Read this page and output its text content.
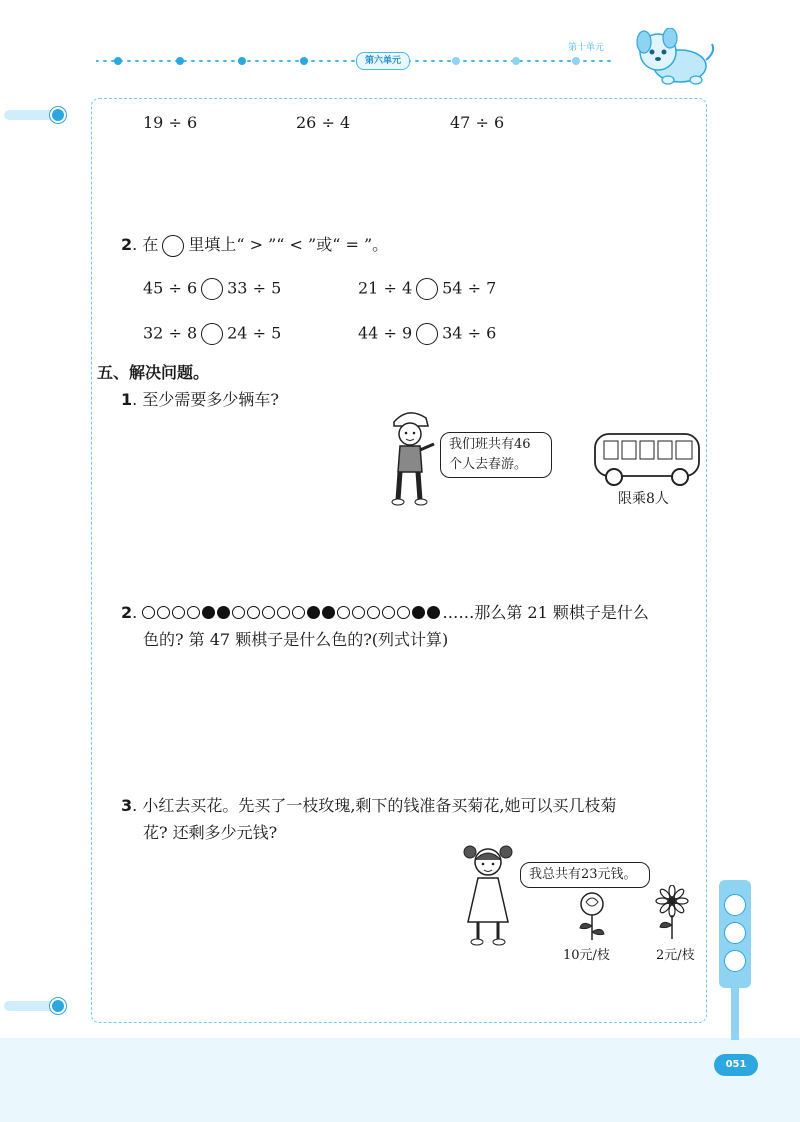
第六单元
第十单元
051
19 ÷ 6	26 ÷ 4	47 ÷ 6
2. 在 里填上“ > ”“ < ”或“ = ”。
45 ÷ 6 33 ÷ 5	21 ÷ 4 54 ÷ 7
32 ÷ 8 24 ÷ 5	44 ÷ 9 34 ÷ 6
五、解决问题。
1. 至少需要多少辆车?
我们班共有46
个人去春游。
限乘8人
2.	……那么第 21 颗棋子是什么
色的? 第 47 颗棋子是什么色的?(列式计算)
3. 小红去买花。先买了一枝玫瑰,剩下的钱准备买菊花,她可以买几枝菊
花? 还剩多少元钱?
我总共有23元钱。
10元/枝	2元/枝
